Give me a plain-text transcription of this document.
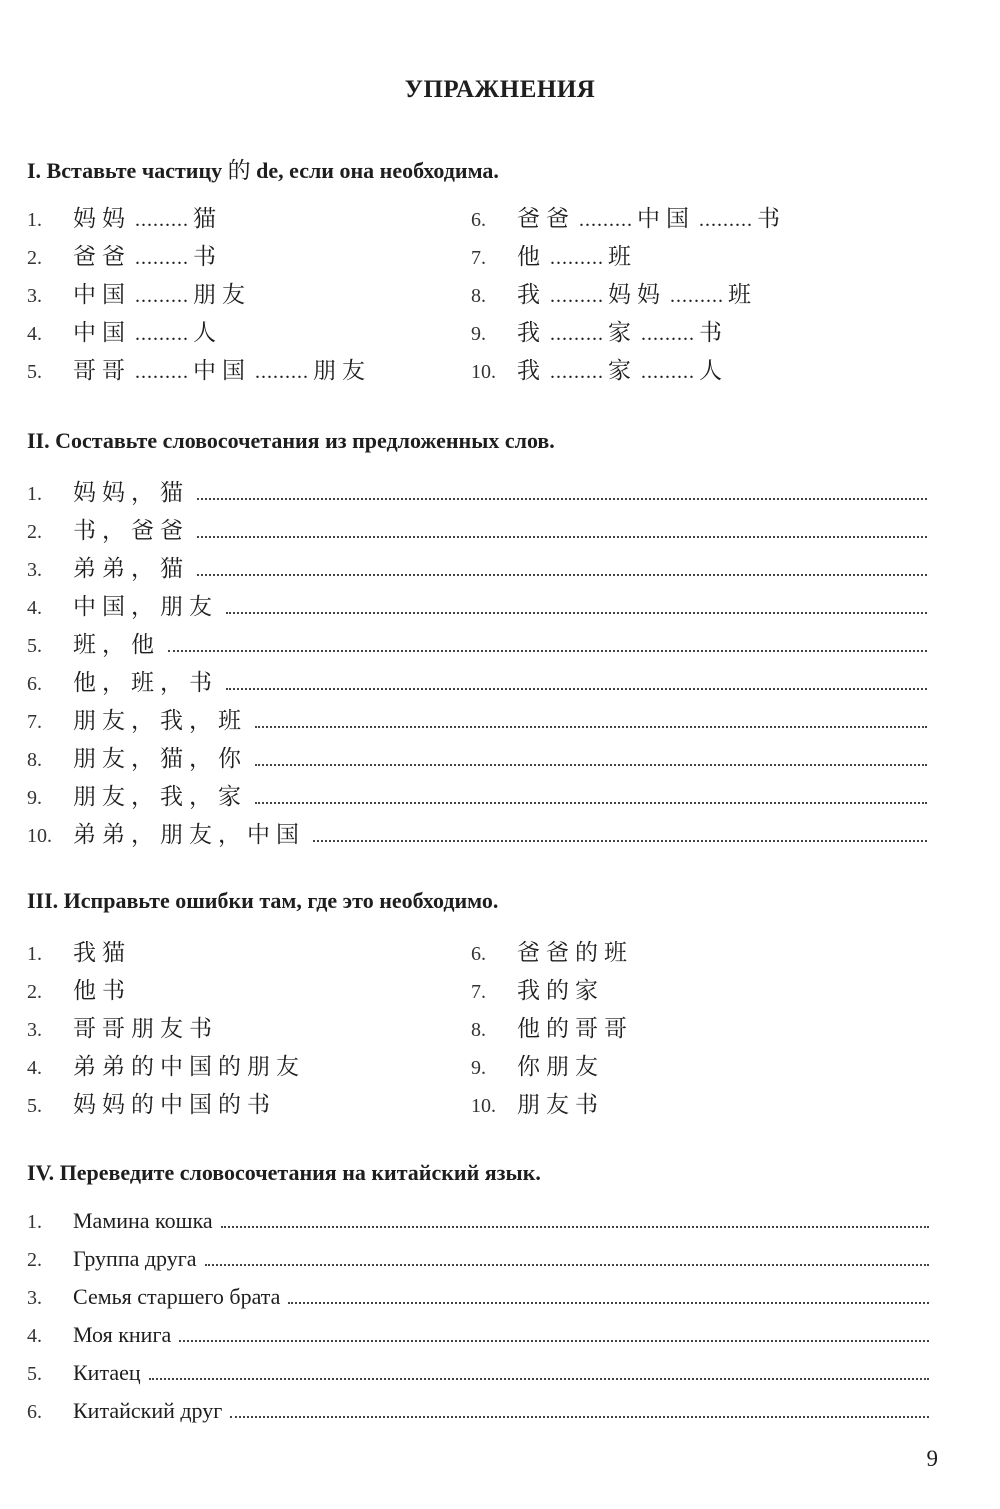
УПРАЖНЕНИЯ
I. Вставьте частицу 的 de, если она необходима.
1.	妈妈 ......... 猫
2.	爸爸 ......... 书
3.	中国 ......... 朋友
4.	中国 ......... 人
5.	哥哥 ......... 中国 ......... 朋友
6.	爸爸 ......... 中国 ......... 书
7.	他 ......... 班
8.	我 ......... 妈妈 ......... 班
9.	我 ......... 家 ......... 书
10. 我 ......... 家 ......... 人
II. Составьте словосочетания из предложенных слов.
1.	妈妈，猫
2.	书，爸爸
3.	弟弟，猫
4.	中国，朋友
5.	班，他
6.	他，班，书
7.	朋友，我，班
8.	朋友，猫，你
9.	朋友，我，家
10. 弟弟，朋友，中国
III. Исправьте ошибки там, где это необходимо.
1.	我猫
2.	他书
3.	哥哥朋友书
4.	弟弟的中国的朋友
5.	妈妈的中国的书
6.	爸爸的班
7.	我的家
8.	他的哥哥
9.	你朋友
10. 朋友书
IV. Переведите словосочетания на китайский язык.
1.	Мамина кошка
2.	Группа друга
3.	Семья старшего брата
4.	Моя книга
5.	Китаец
6.	Китайский друг
9
